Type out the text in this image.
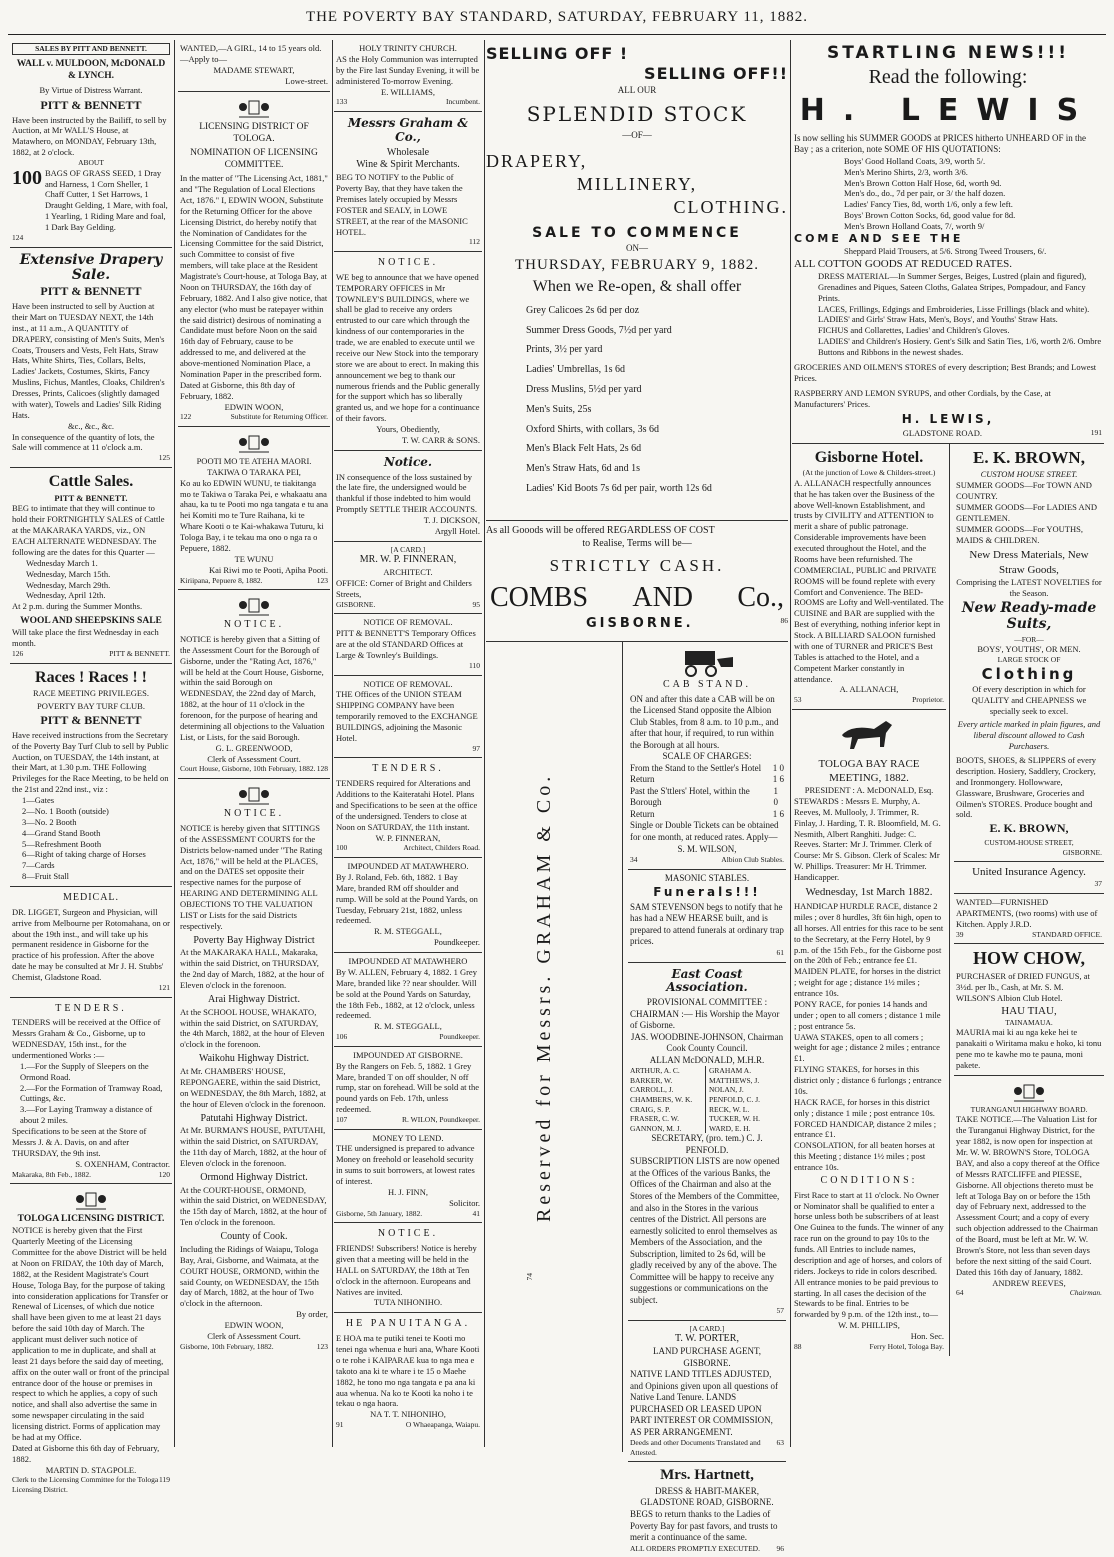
THE POVERTY BAY STANDARD, SATURDAY, FEBRUARY 11, 1882.
SALES BY PITT AND BENNETT.
WALL v. MULDOON, McDONALD & LYNCH.
By Virtue of Distress Warrant.
PITT & BENNETT
Have been instructed by the Bailiff, to sell by Auction, at Mr WALL'S House, at Matawhero, on MONDAY, February 13th, 1882, at 2 o'clock.
ABOUT
100 BAGS OF GRASS SEED, 1 Dray and Harness, 1 Corn Sheller, 1 Chaff Cutter, 1 Set Harrows, 1 Draught Gelding, 1 Mare, with foal, 1 Yearling, 1 Riding Mare and foal, 1 Dark Bay Gelding.
124
Extensive Drapery Sale.
PITT & BENNETT
Have been instructed to sell by Auction at their Mart on TUESDAY NEXT, the 14th inst., at 11 a.m., A QUANTITY of DRAPERY, consisting of Men's Suits, Men's Coats, Trousers and Vests, Felt Hats, Straw Hats, White Shirts, Ties, Collars, Belts, Ladies' Jackets, Costumes, Skirts, Fancy Muslins, Fichus, Mantles, Cloaks, Children's Dresses, Prints, Calicoes (slightly damaged with water), Towels and Ladies' Silk Riding Hats.
&c., &c., &c.
In consequence of the quantity of lots, the Sale will commence at 11 o'clock a.m.
125
Cattle Sales.
PITT & BENNETT.
BEG to intimate that they will continue to hold their FORTNIGHTLY SALES of Cattle at the MAKARAKA YARDS, viz., ON EACH ALTERNATE WEDNESDAY. The following are the dates for this Quarter —
Wednesday March 1.
Wednesday, March 15th.
Wednesday, March 29th.
Wednesday, April 12th.
At 2 p.m. during the Summer Months.
WOOL AND SHEEPSKINS SALE
Will take place the first Wednesday in each month.
126	PITT & BENNETT.
Races ! Races ! !
RACE MEETING PRIVILEGES.
POVERTY BAY TURF CLUB.
PITT & BENNETT
Have received instructions from the Secretary of the Poverty Bay Turf Club to sell by Public Auction, on TUESDAY, the 14th instant, at their Mart, at 1.30 p.m. THE Following Privileges for the Race Meeting, to be held on the 21st and 22nd inst., viz :
1—Gates
2—No. 1 Booth (outside)
3—No. 2 Booth
4—Grand Stand Booth
5—Refreshment Booth
6—Right of taking charge of Horses
7—Cards
8—Fruit Stall
MEDICAL.
DR. LIGGET, Surgeon and Physician, will arrive from Melbourne per Rotomahana, on or about the 19th inst., and will take up his permanent residence in Gisborne for the practice of his profession. After the above date he may be consulted at Mr J. H. Stubbs' Chemist, Gladstone Road.
121
TENDERS.
TENDERS will be received at the Office of Messrs Graham & Co., Gisborne, up to WEDNESDAY, 15th inst., for the undermentioned Works :—
1.—For the Supply of Sleepers on the Ormond Road.
2.—For the Formation of Tramway Road, Cuttings, &c.
3.—For Laying Tramway a distance of about 2 miles.
Specifications to be seen at the Store of Messrs J. & A. Davis, on and after THURSDAY, the 9th inst.
S. OXENHAM, Contractor.
Makaraka, 8th Feb., 1882.	120
TOLOGA LICENSING DISTRICT.
NOTICE is hereby given that the First Quarterly Meeting of the Licensing Committee for the above District will be held at Noon on FRIDAY, the 10th day of March, 1882, at the Resident Magistrate's Court House, Tologa Bay, for the purpose of taking into consideration applications for Transfer or Renewal of Licenses, of which due notice shall have been given to me at least 21 days before the said 10th day of March. The applicant must deliver such notice of application to me in duplicate, and shall at least 21 days before the said day of meeting, affix on the outer wall or front of the principal entrance door of the house or premises in respect to which he applies, a copy of such notice, and shall also advertise the same in some newspaper circulating in the said licensing district. Forms of application may be had at my Office.
Dated at Gisborne this 6th day of February, 1882.
MARTIN D. STAGPOLE.
Clerk to the Licensing Committee for the Tologa Licensing District.
119
WANTED,—A GIRL, 14 to 15 years old.—Apply to—
MADAME STEWART,
Lowe-street.
LICENSING DISTRICT OF TOLOGA.
NOMINATION OF LICENSING COMMITTEE.
In the matter of "The Licensing Act, 1881," and "The Regulation of Local Elections Act, 1876." I, EDWIN WOON, Substitute for the Returning Officer for the above Licensing District, do hereby notify that the Nomination of Candidates for the Licensing Committee for the said District, such Committee to consist of five members, will take place at the Resident Magistrate's Court-house, at Tologa Bay, at Noon on THURSDAY, the 16th day of February, 1882. And I also give notice, that any elector (who must be ratepayer within the said district) desirous of nominating a Candidate must before Noon on the said 16th day of February, cause to be addressed to me, and delivered at the above-mentioned Nomination Place, a Nomination Paper in the prescribed form.
Dated at Gisborne, this 8th day of February, 1882.
EDWIN WOON,
122	Substitute for Returning Officer.
POOTI MO TE ATEHA MAORI.
TAKIWA O TARAKA PEI,
Ko au ko EDWIN WUNU, te tiakitanga mo te Takiwa o Taraka Pei, e whakaatu ana ahau, ka tu te Pooti mo nga tangata e tu ana hei Komiti mo te Ture Raihana, ki te Whare Kooti o te Kai-whakawa Tuturu, ki Tologa Bay, i te tekau ma ono o nga ra o Pepuere, 1882.
TE WUNU
Kai Riwi mo te Pooti, Apiha Pooti.
Kiriipana, Pepuere 8, 1882.	123
NOTICE.
NOTICE is hereby given that a Sitting of the Assessment Court for the Borough of Gisborne, under the "Rating Act, 1876," will be held at the Court House, Gisborne, within the said Borough on WEDNESDAY, the 22nd day of March, 1882, at the hour of 11 o'clock in the forenoon, for the purpose of hearing and determining all objections to the Valuation List, or Lists, for the said Borough.
G. L. GREENWOOD,
Clerk of Assessment Court.
Court House, Gisborne, 10th February, 1882. 128
NOTICE.
NOTICE is hereby given that SITTINGS of the ASSESSMENT COURTS for the Districts below-named under "The Rating Act, 1876," will be held at the PLACES, and on the DATES set opposite their respective names for the purpose of HEARING AND DETERMINING ALL OBJECTIONS TO THE VALUATION LIST or Lists for the said Districts respectively.
Poverty Bay Highway District
At the MAKARAKA HALL, Makaraka, within the said District, on THURSDAY, the 2nd day of March, 1882, at the hour of Eleven o'clock in the forenoon.
Arai Highway District.
At the SCHOOL HOUSE, WHAKATO, within the said District, on SATURDAY, the 4th March, 1882, at the hour of Eleven o'clock in the forenoon.
Waikohu Highway District.
At Mr. CHAMBERS' HOUSE, REPONGAERE, within the said District, on WEDNESDAY, the 8th March, 1882, at the hour of Eleven o'clock in the forenoon.
Patutahi Highway District.
At Mr. BURMAN'S HOUSE, PATUTAHI, within the said District, on SATURDAY, the 11th day of March, 1882, at the hour of Eleven o'clock in the forenoon.
Ormond Highway District.
At the COURT-HOUSE, ORMOND, within the said District, on WEDNESDAY, the 15th day of March, 1882, at the hour of Ten o'clock in the forenoon.
County of Cook.
Including the Ridings of Waiapu, Tologa Bay, Arai, Gisborne, and Waimata, at the COURT HOUSE, ORMOND, within the said County, on WEDNESDAY, the 15th day of March, 1882, at the hour of Two o'clock in the afternoon.
By order,
EDWIN WOON,
Clerk of Assessment Court.
Gisborne, 10th February, 1882.	123
HOLY TRINITY CHURCH.
AS the Holy Communion was interrupted by the Fire last Sunday Evening, it will be administered To-morrow Evening.
E. WILLIAMS,
133	Incumbent.
Messrs Graham & Co.,
Wholesale
Wine & Spirit Merchants.
BEG TO NOTIFY to the Public of Poverty Bay, that they have taken the Premises lately occupied by Messrs FOSTER and SEALY, in LOWE STREET, at the rear of the MASONIC HOTEL.
112
NOTICE.
WE beg to announce that we have opened TEMPORARY OFFICES in Mr TOWNLEY'S BUILDINGS, where we shall be glad to receive any orders entrusted to our care which through the kindness of our contemporaries in the trade, we are enabled to execute until we receive our New Stock into the temporary store we are about to erect. In making this announcement we beg to thank our numerous friends and the Public generally for the support which has so liberally granted us, and we hope for a continuance of their favors.
Yours, Obediently,
T. W. CARR & SONS.
Notice.
IN consequence of the loss sustained by the late fire, the undersigned would be thankful if those indebted to him would Promptly SETTLE THEIR ACCOUNTS.
T. J. DICKSON,
Argyll Hotel.
[A CARD.]
MR. W. P. FINNERAN,
ARCHITECT.
OFFICE: Corner of Bright and Childers Streets,
GISBORNE.	95
NOTICE OF REMOVAL.
PITT & BENNETT'S Temporary Offices are at the old STANDARD Offices at Large & Townley's Buildings.
110
NOTICE OF REMOVAL.
THE Offices of the UNION STEAM SHIPPING COMPANY have been temporarily removed to the EXCHANGE BUILDINGS, adjoining the Masonic Hotel.
97
TENDERS.
TENDERS required for Alterations and Additions to the Kaiteratahi Hotel. Plans and Specifications to be seen at the office of the undersigned. Tenders to close at Noon on SATURDAY, the 11th instant.
W. P. FINNERAN,
100	Architect, Childers Road.
IMPOUNDED AT MATAWHERO.
By J. Roland, Feb. 6th, 1882. 1 Bay Mare, branded RM off shoulder and rump. Will be sold at the Pound Yards, on Tuesday, February 21st, 1882, unless redeemed.
R. M. STEGGALL,
Poundkeeper.
IMPOUNDED AT MATAWHERO
By W. ALLEN, February 4, 1882. 1 Grey Mare, branded like ?? near shoulder. Will be sold at the Pound Yards on Saturday, the 18th Feb., 1882, at 12 o'clock, unless redeemed.
R. M. STEGGALL,
106	Poundkeeper.
IMPOUNDED AT GISBORNE.
By the Rangers on Feb. 5, 1882. 1 Grey Mare, branded T on off shoulder, N off rump, star on forehead. Will be sold at the pound yards on Feb. 17th, unless redeemed.
107	R. WILON, Poundkeeper.
MONEY TO LEND.
THE undersigned is prepared to advance Money on freehold or leasehold security in sums to suit borrowers, at lowest rates of interest.
H. J. FINN,
Solicitor.
Gisborne, 5th January, 1882.	41
NOTICE.
FRIENDS! Subscribers! Notice is hereby given that a meeting will be held in the HALL on SATURDAY, the 18th at Ten o'clock in the afternoon. Europeans and Natives are invited.
TUTA NIHONIHO.
HE PANUITANGA.
E HOA ma te putiki tenei te Kooti mo tenei nga whenua e huri ana, Whare Kooti o te rohe i KAIPARAE kua to nga mea e takoto ana ki te whare i te 15 o Maehe 1882, he tono mo nga tangata e pa ana ki aua whenua. Na ko te Kooti ka noho i te tekau o nga haora.
NA T. T. NIHONIHO,
91	O Whaeapanga, Waiapu.
SELLING OFF !
SELLING OFF!!
ALL OUR
SPLENDID STOCK
—OF—
DRAPERY,
MILLINERY,
CLOTHING.
SALE TO COMMENCE
ON—
THURSDAY, FEBRUARY 9, 1882.
When we Re-open, & shall offer
Grey Calicoes 2s 6d per doz
Summer Dress Goods, 7½d per yard
Prints, 3½ per yard
Ladies' Umbrellas, 1s 6d
Dress Muslins, 5½d per yard
Men's Suits, 25s
Oxford Shirts, with collars, 3s 6d
Men's Black Felt Hats, 2s 6d
Men's Straw Hats, 6d and 1s
Ladies' Kid Boots 7s 6d per pair, worth 12s 6d
As all Gooods will be offered REGARDLESS OF COST
to Realise, Terms will be—
STRICTLY CASH.
COMBS AND Co.,
GISBORNE.	86
Reserved for Messrs. GRAHAM & Co.
74
CAB STAND.
ON and after this date a CAB will be on the Licensed Stand opposite the Albion Club Stables, from 8 a.m. to 10 p.m., and after that hour, if required, to run within the Borough at all hours.
SCALE OF CHARGES:
From the Stand to the Settler's Hotel 1 0
Return	1 6
Past the S'ttlers' Hotel, within the Borough
1 0
Return	1 6
Single or Double Tickets can be obtained for one month, at reduced rates. Apply—
S. M. WILSON,
34	Albion Club Stables.
MASONIC STABLES.
Funerals!!!
SAM STEVENSON begs to notify that he has had a NEW HEARSE built, and is prepared to attend funerals at ordinary trap prices.
61
East Coast Association.
PROVISIONAL COMMITTEE :
CHAIRMAN :— His Worship the Mayor of Gisborne.
JAS. WOODBINE-JOHNSON, Chairman Cook County Council.
ALLAN McDONALD, M.H.R.
ARTHUR, A. C.
BARKER, W.
CARROLL, J.
CHAMBERS, W. K.
CRAIG, S. P.
FRASER, C. W.
GANNON, M. J.
GRAHAM A.
MATTHEWS, J.
NOLAN, J.
PENFOLD, C. J.
RECK, W. L.
TUCKER, W. H.
WARD, E. H.
SECRETARY, (pro. tem.) C. J. PENFOLD.
SUBSCRIPTION LISTS are now opened at the Offices of the various Banks, the Offices of the Chairman and also at the Stores of the Members of the Committee, and also in the Stores in the various centres of the District. All persons are earnestly solicited to enrol themselves as Members of the Association, and the Subscription, limited to 2s 6d, will be gladly received by any of the above. The Committee will be happy to receive any suggestions or communications on the subject.
57
[A CARD.]
T. W. PORTER,
LAND PURCHASE AGENT,
GISBORNE.
NATIVE LAND TITLES ADJUSTED, and Opinions given upon all questions of Native Land Tenure. LANDS PURCHASED OR LEASED UPON PART INTEREST OR COMMISSION, AS PER ARRANGEMENT.
Deeds and other Documents Translated and Attested.
63
Mrs. Hartnett,
DRESS & HABIT-MAKER,
GLADSTONE ROAD, GISBORNE.
BEGS to return thanks to the Ladies of Poverty Bay for past favors, and trusts to merit a continuance of the same.
ALL ORDERS PROMPTLY EXECUTED. 96
STARTLING NEWS!!!
Read the following:
H. LEWIS
Is now selling his SUMMER GOODS at PRICES hitherto UNHEARD OF in the Bay ; as a criterion, note SOME OF HIS QUOTATIONS:
Boys' Good Holland Coats, 3/9, worth 5/.
Men's Merino Shirts, 2/3, worth 3/6.
Men's Brown Cotton Half Hose, 6d, worth 9d.
Men's do., do., 7d per pair, or 3/ the half dozen.
Ladies' Fancy Ties, 8d, worth 1/6, only a few left.
Boys' Brown Cotton Socks, 6d, good value for 8d.
Men's Brown Holland Coats, 7/, worth 9/
COME AND SEE THE
Sheppard Plaid Trousers, at 5/6. Strong Tweed Trousers, 6/.
ALL COTTON GOODS AT REDUCED RATES.
DRESS MATERIAL—In Summer Serges, Beiges, Lustred (plain and figured), Grenadines and Piques, Sateen Cloths, Galatea Stripes, Pompadour, and Fancy Prints.
LACES, Frillings, Edgings and Embroideries, Lisse Frillings (black and white).
LADIES' and Girls' Straw Hats, Men's, Boys', and Youths' Straw Hats.
FICHUS and Collarettes, Ladies' and Children's Gloves.
LADIES' and Children's Hosiery. Gent's Silk and Satin Ties, 1/6, worth 2/6. Ombre Buttons and Ribbons in the newest shades.
GROCERIES AND OILMEN'S STORES of every description; Best Brands; and Lowest Prices.
RASPBERRY AND LEMON SYRUPS, and other Cordials, by the Case, at Manufacturers' Prices.
H. LEWIS,
GLADSTONE ROAD.	191
Gisborne Hotel.
(At the junction of Lowe & Childers-street.)
A. ALLANACH respectfully announces that he has taken over the Business of the above Well-known Establishment, and trusts by CIVILITY and ATTENTION to merit a share of public patronage. Considerable improvements have been executed throughout the Hotel, and the Rooms have been refurnished. The COMMERCIAL, PUBLIC and PRIVATE ROOMS will be found replete with every Comfort and Convenience. The BED-ROOMS are Lofty and Well-ventilated. The CUISINE and BAR are supplied with the Best of everything, nothing inferior kept in Stock. A BILLIARD SALOON furnished with one of TURNER and PRICE'S Best Tables is attached to the Hotel, and a Competent Marker constantly in attendance.
A. ALLANACH,
53	Proprietor.
TOLOGA BAY RACE MEETING, 1882.
PRESIDENT : A. McDONALD, Esq.
STEWARDS : Messrs E. Murphy, A. Reeves, M. Mullooly, J. Trimmer, R. Finlay, J. Harding, T. R. Bloomfield, M. G. Nesmith, Albert Ranghiti. Judge: C. Reeves. Starter: Mr J. Trimmer. Clerk of Course: Mr S. Gibson. Clerk of Scales: Mr W. Phillips. Treasurer: Mr H. Trimmer. Handicapper.
Wednesday, 1st March 1882.
HANDICAP HURDLE RACE, distance 2 miles ; over 8 hurdles, 3ft 6in high, open to all horses. All entries for this race to be sent to the Secretary, at the Ferry Hotel, by 9 p.m. of the 15th Feb., for the Gisborne post on the 20th of Feb.; entrance fee £1.
MAIDEN PLATE, for horses in the district ; weight for age ; distance 1½ miles ; entrance 10s.
PONY RACE, for ponies 14 hands and under ; open to all comers ; distance 1 mile ; post entrance 5s.
UAWA STAKES, open to all comers ; weight for age ; distance 2 miles ; entrance £1.
FLYING STAKES, for horses in this district only ; distance 6 furlongs ; entrance 10s.
HACK RACE, for horses in this district only ; distance 1 mile ; post entrance 10s.
FORCED HANDICAP, distance 2 miles ; entrance £1.
CONSOLATION, for all beaten horses at this Meeting ; distance 1½ miles ; post entrance 10s.
CONDITIONS:
First Race to start at 11 o'clock. No Owner or Nominator shall be qualified to enter a horse unless both be subscribers of at least One Guinea to the funds. The winner of any race run on the ground to pay 10s to the funds. All Entries to include names, description and age of horses, and colors of riders. Jockeys to ride in colors described. All entrance monies to be paid previous to starting. In all cases the decision of the Stewards to be final. Entries to be forwarded by 9 p.m. of the 12th inst., to—
W. M. PHILLIPS,
Hon. Sec.
88	Ferry Hotel, Tologa Bay.
E. K. BROWN,
CUSTOM HOUSE STREET.
SUMMER GOODS—For TOWN AND COUNTRY.
SUMMER GOODS—For LADIES AND GENTLEMEN.
SUMMER GOODS—For YOUTHS, MAIDS & CHILDREN.
New Dress Materials, New Straw Goods,
Comprising the LATEST NOVELTIES for the Season.
New Ready-made Suits,
—FOR—
BOYS', YOUTHS', OR MEN.
LARGE STOCK OF
Clothing
Of every description in which for QUALITY and CHEAPNESS we specially seek to excel.
Every article marked in plain figures, and liberal discount allowed to Cash Purchasers.
BOOTS, SHOES, & SLIPPERS of every description. Hosiery, Saddlery, Crockery, and Ironmongery. Hollowware, Glassware, Brushware, Groceries and Oilmen's STORES. Produce bought and sold.
E. K. BROWN,
CUSTOM-HOUSE STREET,
GISBORNE.
United Insurance Agency.
37
WANTED—FURNISHED APARTMENTS, (two rooms) with use of Kitchen. Apply J.R.D.
39	STANDARD OFFICE.
HOW CHOW,
PURCHASER of DRIED FUNGUS, at 3½d. per lb., Cash, at Mr. S. M. WILSON'S Albion Club Hotel.
HAU TIAU,
TAINAMAUA.
MAURIA mai ki au nga keke hei te panakaiti o Wiritama maku e hoko, ki tonu pene mo te kawhe mo te pauna, moni pakete.
TURANGANUI HIGHWAY BOARD.
TAKE NOTICE.—The Valuation List for the Turanganui Highway District, for the year 1882, is now open for inspection at Mr. W. W. BROWN'S Store, TOLOGA BAY, and also a copy thereof at the Office of Messrs RATCLIFFE and PIESSE, Gisborne. All objections thereto must be left at Tologa Bay on or before the 15th day of February next, addressed to the Assessment Court; and a copy of every such objection addressed to the Chairman of the Board, must be left at Mr. W. W. Brown's Store, not less than seven days before the next sitting of the said Court.
Dated this 16th day of January, 1882.
ANDREW REEVES,
64	Chairman.
